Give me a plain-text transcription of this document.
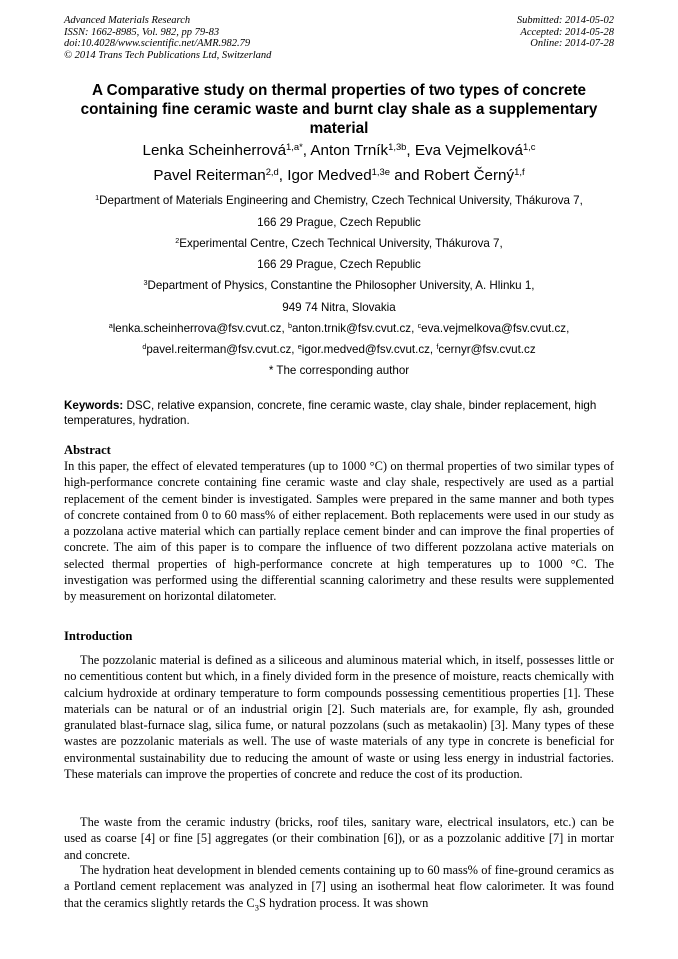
Advanced Materials Research
ISSN: 1662-8985, Vol. 982, pp 79-83
doi:10.4028/www.scientific.net/AMR.982.79
© 2014 Trans Tech Publications Ltd, Switzerland
Submitted: 2014-05-02
Accepted: 2014-05-28
Online: 2014-07-28
A Comparative study on thermal properties of two types of concrete containing fine ceramic waste and burnt clay shale as a supplementary material
Lenka Scheinherrová$^{1,a*}$, Anton Trník$^{1,3b}$, Eva Vejmelková$^{1,c}$
Pavel Reiterman$^{2,d}$, Igor Medved$^{1,3e}$ and Robert Černý$^{1,f}$
$^1$Department of Materials Engineering and Chemistry, Czech Technical University, Thákurova 7,
166 29 Prague, Czech Republic
$^2$Experimental Centre, Czech Technical University, Thákurova 7,
166 29 Prague, Czech Republic
$^3$Department of Physics, Constantine the Philosopher University, A. Hlinku 1,
949 74 Nitra, Slovakia
$^a$lenka.scheinherrova@fsv.cvut.cz, $^b$anton.trnik@fsv.cvut.cz, $^c$eva.vejmelkova@fsv.cvut.cz,
$^d$pavel.reiterman@fsv.cvut.cz, $^e$igor.medved@fsv.cvut.cz, $^f$cernyr@fsv.cvut.cz
* The corresponding author
Keywords: DSC, relative expansion, concrete, fine ceramic waste, clay shale, binder replacement, high temperatures, hydration.
Abstract
In this paper, the effect of elevated temperatures (up to 1000 °C) on thermal properties of two similar types of high-performance concrete containing fine ceramic waste and clay shale, respectively are used as a partial replacement of the cement binder is investigated. Samples were prepared in the same manner and both types of concrete contained from 0 to 60 mass% of either replacement. Both replacements were used in our study as a pozzolana active material which can partially replace cement binder and can improve the final properties of concrete. The aim of this paper is to compare the influence of two different pozzolana active materials on selected thermal properties of high-performance concrete at high temperatures up to 1000 °C. The investigation was performed using the differential scanning calorimetry and these results were supplemented by measurement on horizontal dilatometer.
Introduction
The pozzolanic material is defined as a siliceous and aluminous material which, in itself, possesses little or no cementitious content but which, in a finely divided form in the presence of moisture, reacts chemically with calcium hydroxide at ordinary temperature to form compounds possessing cementitious properties [1]. These materials can be natural or of an industrial origin [2]. Such materials are, for example, fly ash, grounded granulated blast-furnace slag, silica fume, or natural pozzolans (such as metakaolin) [3]. Many types of these wastes are pozzolanic materials as well. The use of waste materials of any type in concrete is beneficial for environmental sustainability due to reducing the amount of waste or using less energy in industrial factories. These materials can improve the properties of concrete and reduce the cost of its production.
The waste from the ceramic industry (bricks, roof tiles, sanitary ware, electrical insulators, etc.) can be used as coarse [4] or fine [5] aggregates (or their combination [6]), or as a pozzolanic additive [7] in mortar and concrete.
The hydration heat development in blended cements containing up to 60 mass% of fine-ground ceramics as a Portland cement replacement was analyzed in [7] using an isothermal heat flow calorimeter. It was found that the ceramics slightly retards the $C_3S$ hydration process. It was shown
